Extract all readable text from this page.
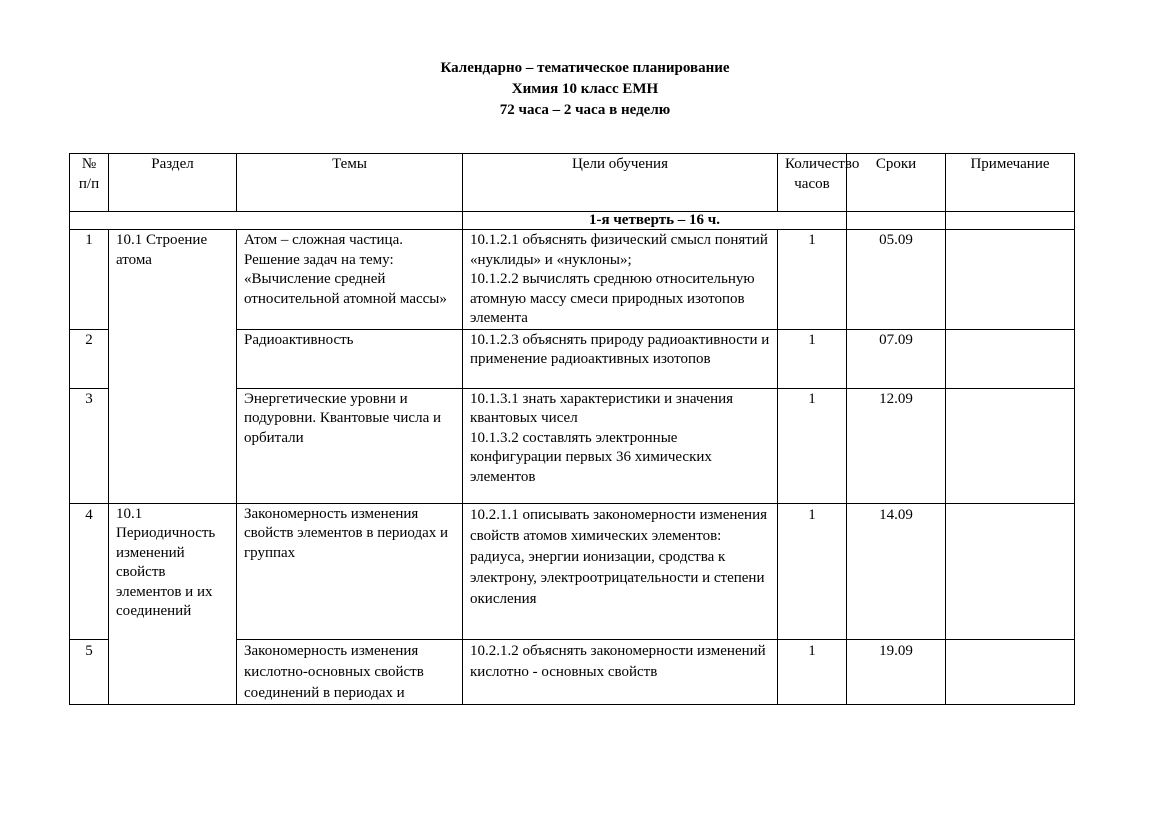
Календарно – тематическое планирование
Химия 10 класс ЕМН
72 часа – 2 часа в неделю
№ п/п	Раздел	Темы	Цели обучения	Количество часов	Сроки	Примечание
			1-я четверть – 16 ч.			
1	10.1 Строение атома	Атом – сложная частица. Решение задач на тему: «Вычисление средней относительной атомной массы»	10.1.2.1 объяснять физический смысл понятий «нуклиды» и «нуклоны»;
10.1.2.2 вычислять среднюю относительную атомную массу смеси природных изотопов элемента	1	05.09	
2		Радиоактивность	10.1.2.3 объяснять природу радиоактивности и применение радиоактивных изотопов	1	07.09	
3		Энергетические уровни и подуровни. Квантовые числа и орбитали	10.1.3.1 знать характеристики и значения квантовых чисел
10.1.3.2 составлять электронные конфигурации первых 36 химических элементов	1	12.09	
4	10.1 Периодичность изменений свойств элементов и их соединений	Закономерность изменения свойств элементов в периодах и группах	10.2.1.1 описывать закономерности изменения свойств атомов химических элементов: радиуса, энергии ионизации, сродства к электрону, электроотрицательности и степени окисления	1	14.09	
5		Закономерность изменения кислотно-основных свойств соединений в периодах и	10.2.1.2 объяснять закономерности изменений кислотно - основных свойств	1	19.09	
